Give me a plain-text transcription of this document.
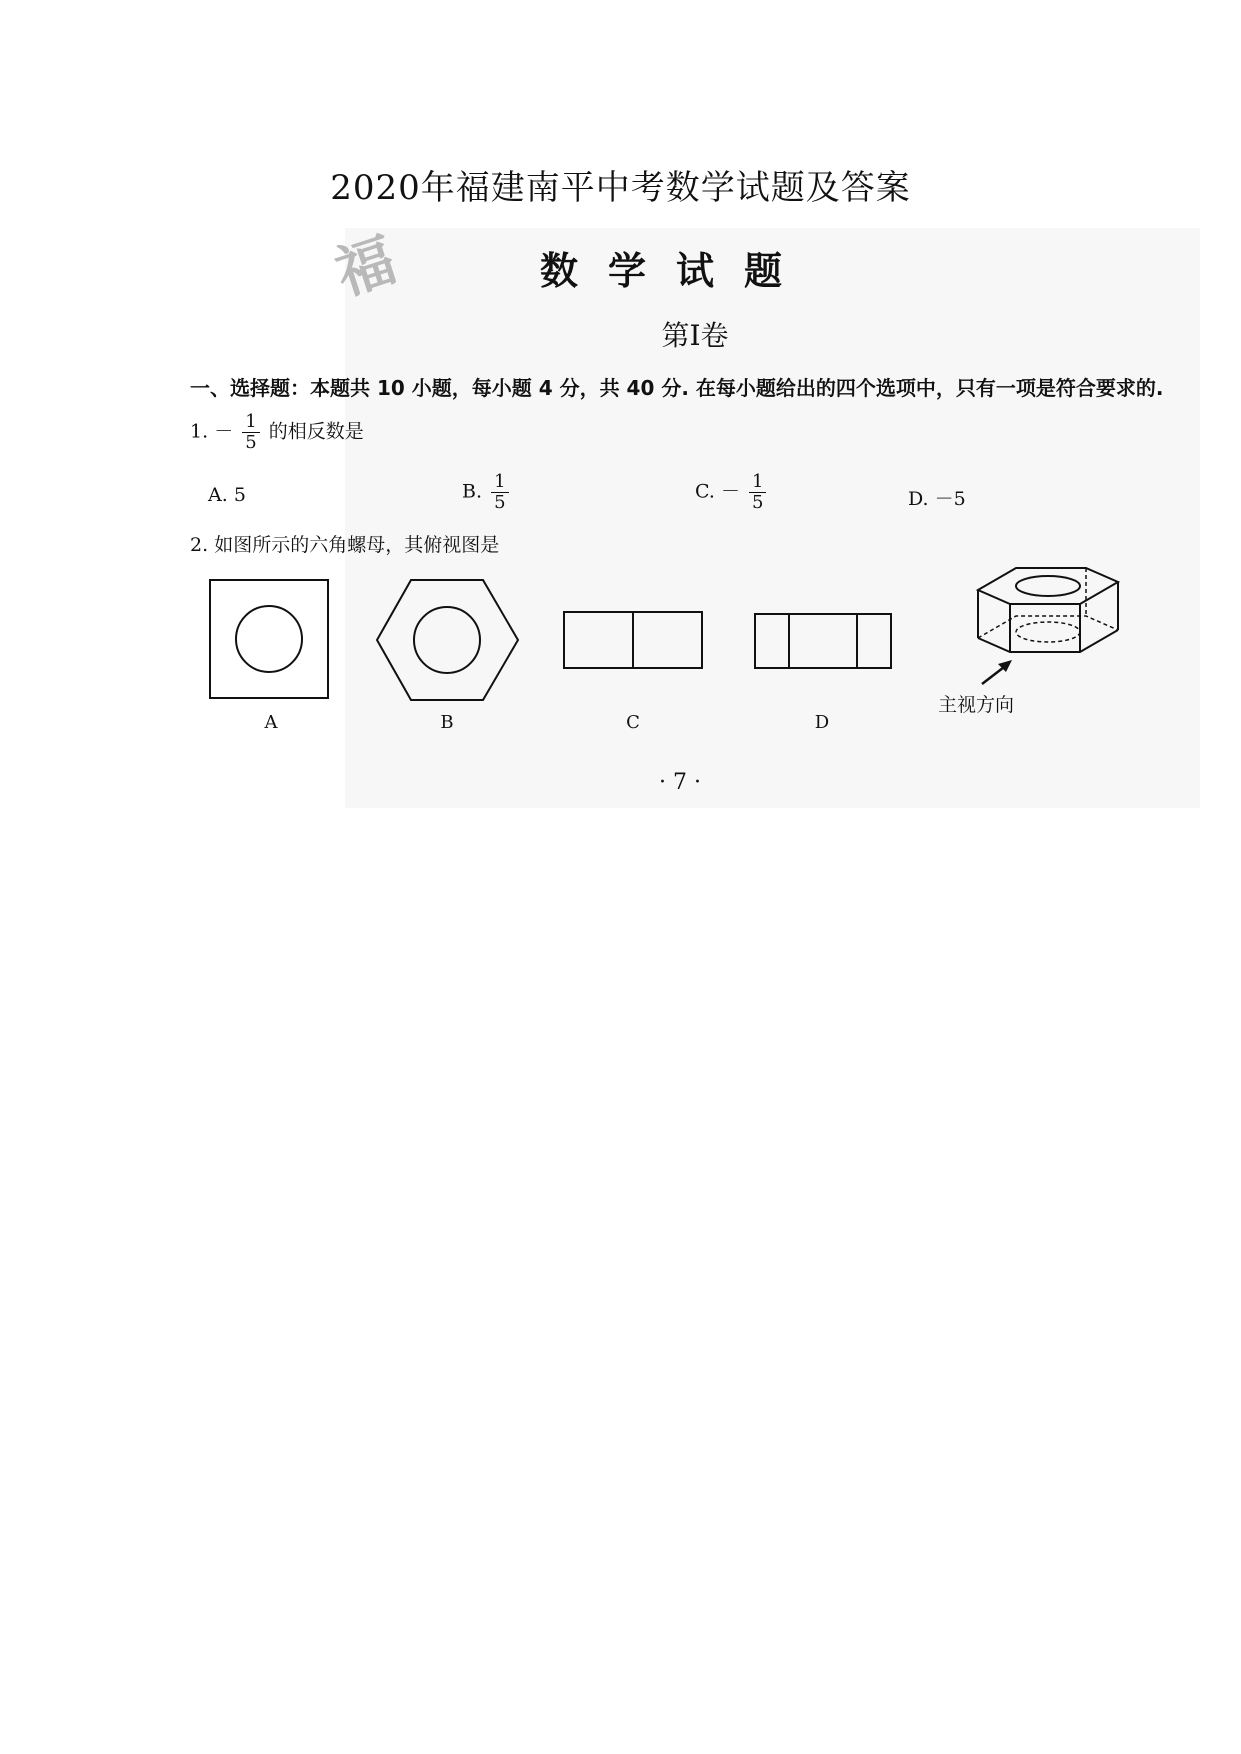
2020年福建南平中考数学试题及答案
福	数学试题
第Ⅰ卷
一、选择题：本题共 10 小题，每小题 4 分，共 40 分. 在每小题给出的四个选项中，只有一项是符合要求的.
1. － $\frac{1}{5}$ 的相反数是
A. 5	B. $\frac{1}{5}$	C. － $\frac{1}{5}$	D. －5
2. 如图所示的六角螺母，其俯视图是
A	B	C	D
主视方向
· 7 ·
